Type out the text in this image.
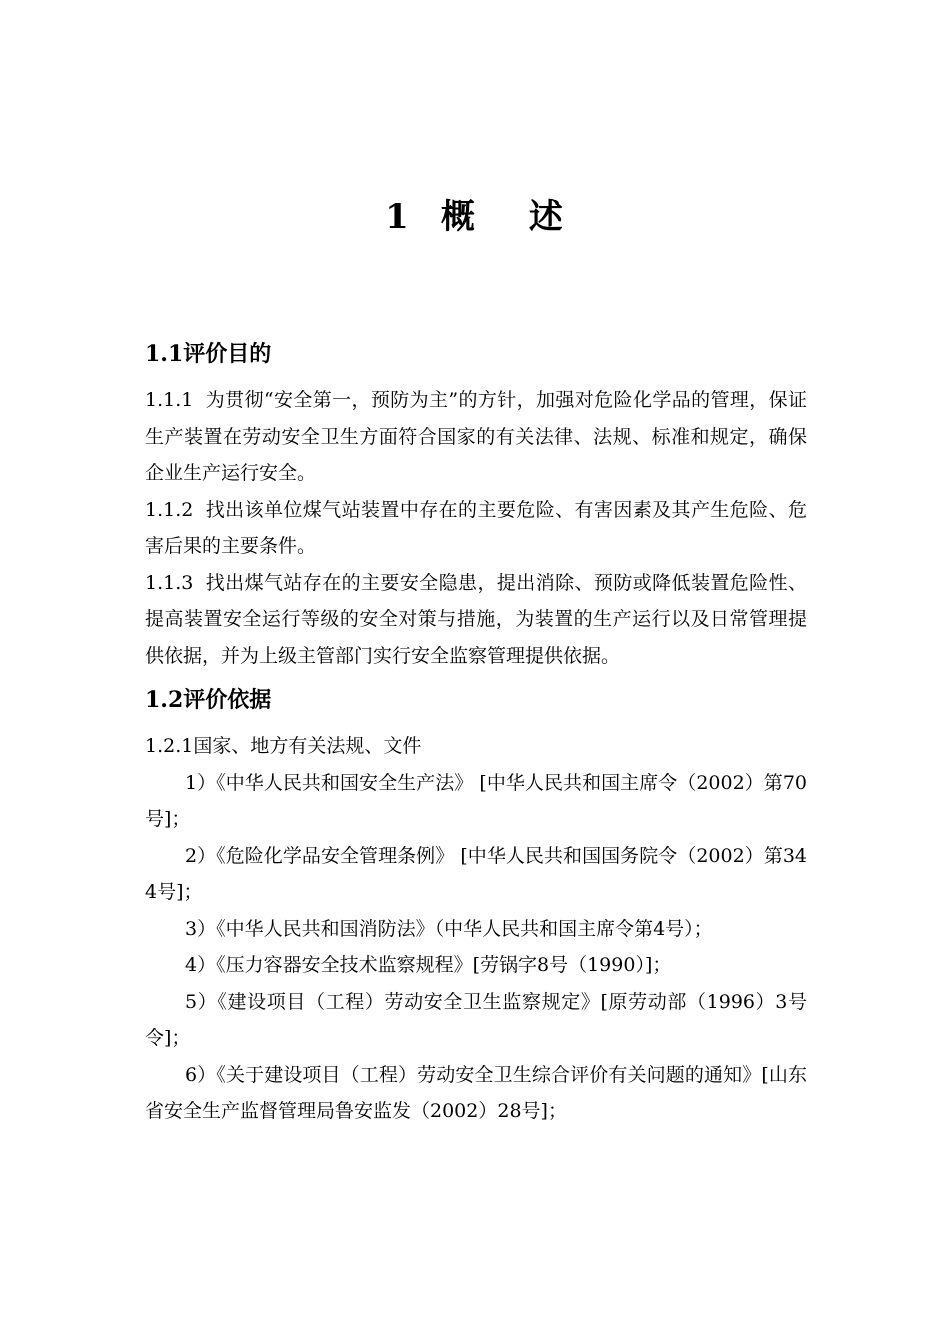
1 概 述
1.1评价目的

1.1.1 为贯彻“安全第一，预防为主”的方针，加强对危险化学品的管理，保证生产装置在劳动安全卫生方面符合国家的有关法律、法规、标准和规定，确保企业生产运行安全。

1.1.2 找出该单位煤气站装置中存在的主要危险、有害因素及其产生危险、危害后果的主要条件。

1.1.3 找出煤气站存在的主要安全隐患，提出消除、预防或降低装置危险性、提高装置安全运行等级的安全对策与措施，为装置的生产运行以及日常管理提供依据，并为上级主管部门实行安全监察管理提供依据。

1.2评价依据

1.2.1国家、地方有关法规、文件

1）《中华人民共和国安全生产法》 [中华人民共和国主席令（2002）第70号]；

2）《危险化学品安全管理条例》 [中华人民共和国国务院令（2002）第344号]；

3）《中华人民共和国消防法》（中华人民共和国主席令第4号）；

4）《压力容器安全技术监察规程》[劳锅字8号（1990）]；

5）《建设项目（工程）劳动安全卫生监察规定》[原劳动部（1996）3号令]；

6）《关于建设项目（工程）劳动安全卫生综合评价有关问题的通知》[山东省安全生产监督管理局鲁安监发（2002）28号]；
